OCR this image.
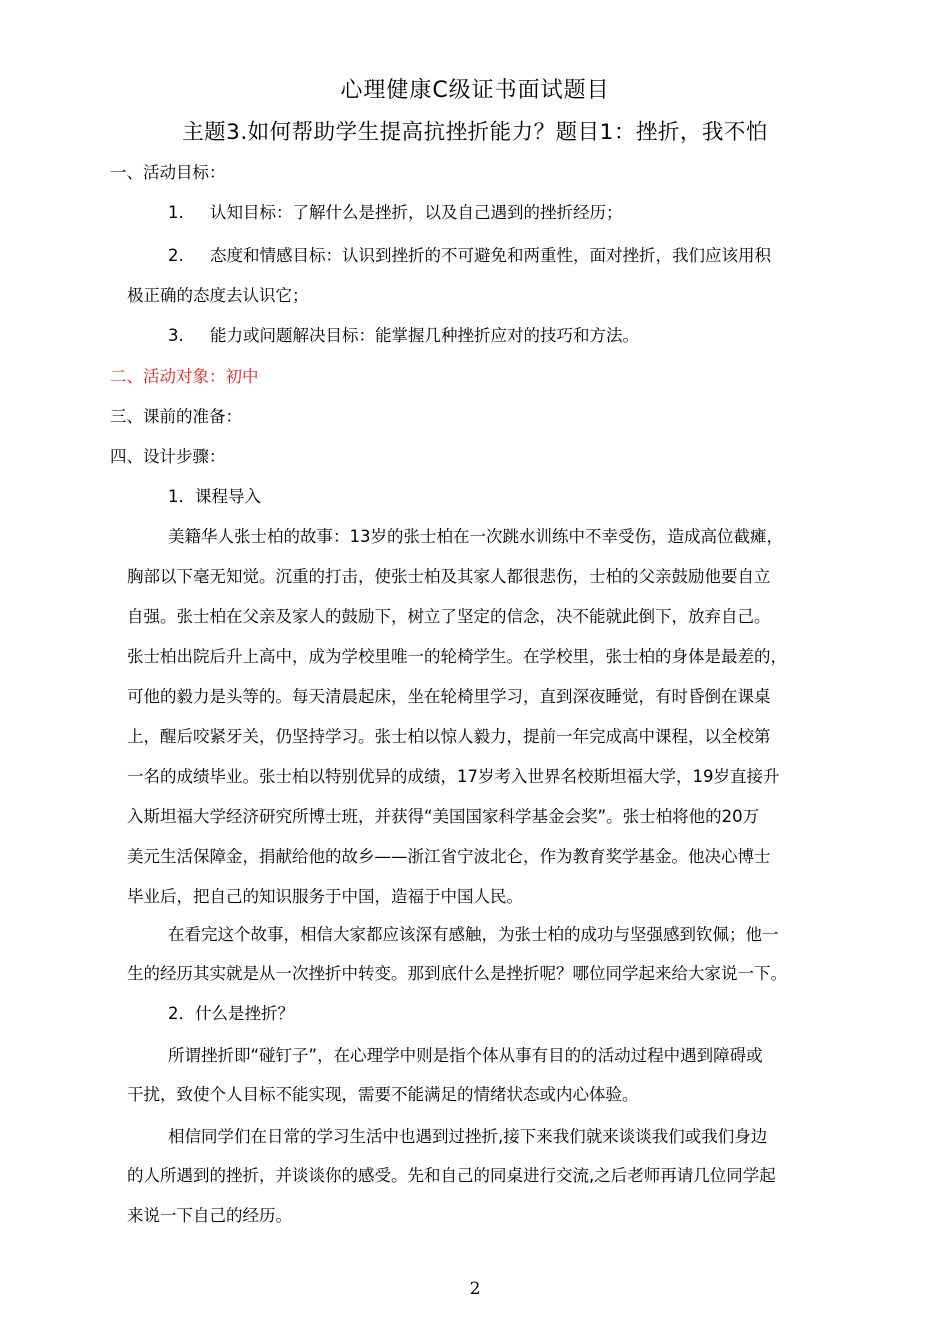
心理健康C级证书面试题目
主题3.如何帮助学生提高抗挫折能力？题目1：挫折，我不怕
一、活动目标：
1. 认知目标：了解什么是挫折，以及自己遇到的挫折经历；
2. 态度和情感目标：认识到挫折的不可避免和两重性，面对挫折，我们应该用积
极正确的态度去认识它；
3. 能力或问题解决目标：能掌握几种挫折应对的技巧和方法。
二、活动对象：初中
三、课前的准备：
四、设计步骤：
1．课程导入
美籍华人张士柏的故事：13岁的张士柏在一次跳水训练中不幸受伤，造成高位截瘫，
胸部以下毫无知觉。沉重的打击，使张士柏及其家人都很悲伤，士柏的父亲鼓励他要自立
自强。张士柏在父亲及家人的鼓励下，树立了坚定的信念，决不能就此倒下，放弃自己。
张士柏出院后升上高中，成为学校里唯一的轮椅学生。在学校里，张士柏的身体是最差的，
可他的毅力是头等的。每天清晨起床，坐在轮椅里学习，直到深夜睡觉，有时昏倒在课桌
上，醒后咬紧牙关，仍坚持学习。张士柏以惊人毅力，提前一年完成高中课程，以全校第
一名的成绩毕业。张士柏以特别优异的成绩，17岁考入世界名校斯坦福大学，19岁直接升
入斯坦福大学经济研究所博士班，并获得“美国国家科学基金会奖”。张士柏将他的20万
美元生活保障金，捐献给他的故乡——浙江省宁波北仑，作为教育奖学基金。他决心博士
毕业后，把自己的知识服务于中国，造福于中国人民。
在看完这个故事，相信大家都应该深有感触，为张士柏的成功与坚强感到钦佩；他一
生的经历其实就是从一次挫折中转变。那到底什么是挫折呢？哪位同学起来给大家说一下。
2．什么是挫折？
所谓挫折即“碰钉子”，在心理学中则是指个体从事有目的的活动过程中遇到障碍或
干扰，致使个人目标不能实现，需要不能满足的情绪状态或内心体验。
相信同学们在日常的学习生活中也遇到过挫折,接下来我们就来谈谈我们或我们身边
的人所遇到的挫折，并谈谈你的感受。先和自己的同桌进行交流,之后老师再请几位同学起
来说一下自己的经历。
2
